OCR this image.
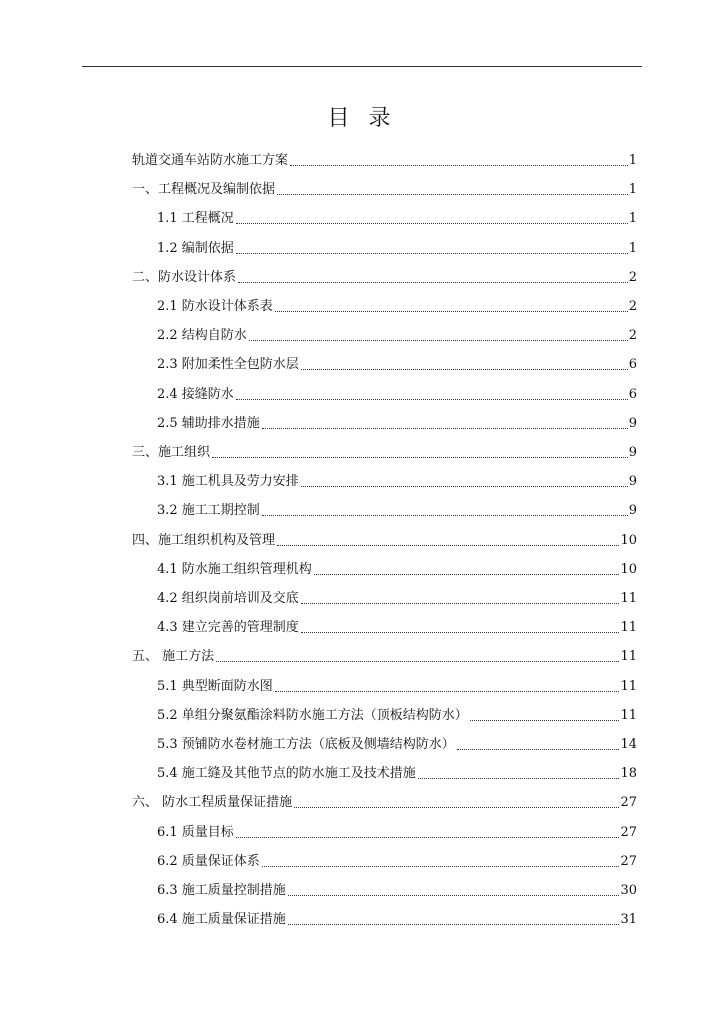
目 录
轨道交通车站防水施工方案	1
一、工程概况及编制依据	1
1.1 工程概况	1
1.2 编制依据	1
二、防水设计体系	2
2.1 防水设计体系表	2
2.2 结构自防水	2
2.3 附加柔性全包防水层	6
2.4 接缝防水	6
2.5 辅助排水措施	9
三、施工组织	9
3.1 施工机具及劳力安排	9
3.2 施工工期控制	9
四、施工组织机构及管理	10
4.1 防水施工组织管理机构	10
4.2 组织岗前培训及交底	11
4.3 建立完善的管理制度	11
五、 施工方法	11
5.1 典型断面防水图	11
5.2 单组分聚氨酯涂料防水施工方法（顶板结构防水）	11
5.3 预铺防水卷材施工方法（底板及侧墙结构防水）	14
5.4 施工缝及其他节点的防水施工及技术措施	18
六、 防水工程质量保证措施	27
6.1 质量目标	27
6.2 质量保证体系	27
6.3 施工质量控制措施	30
6.4 施工质量保证措施	31
